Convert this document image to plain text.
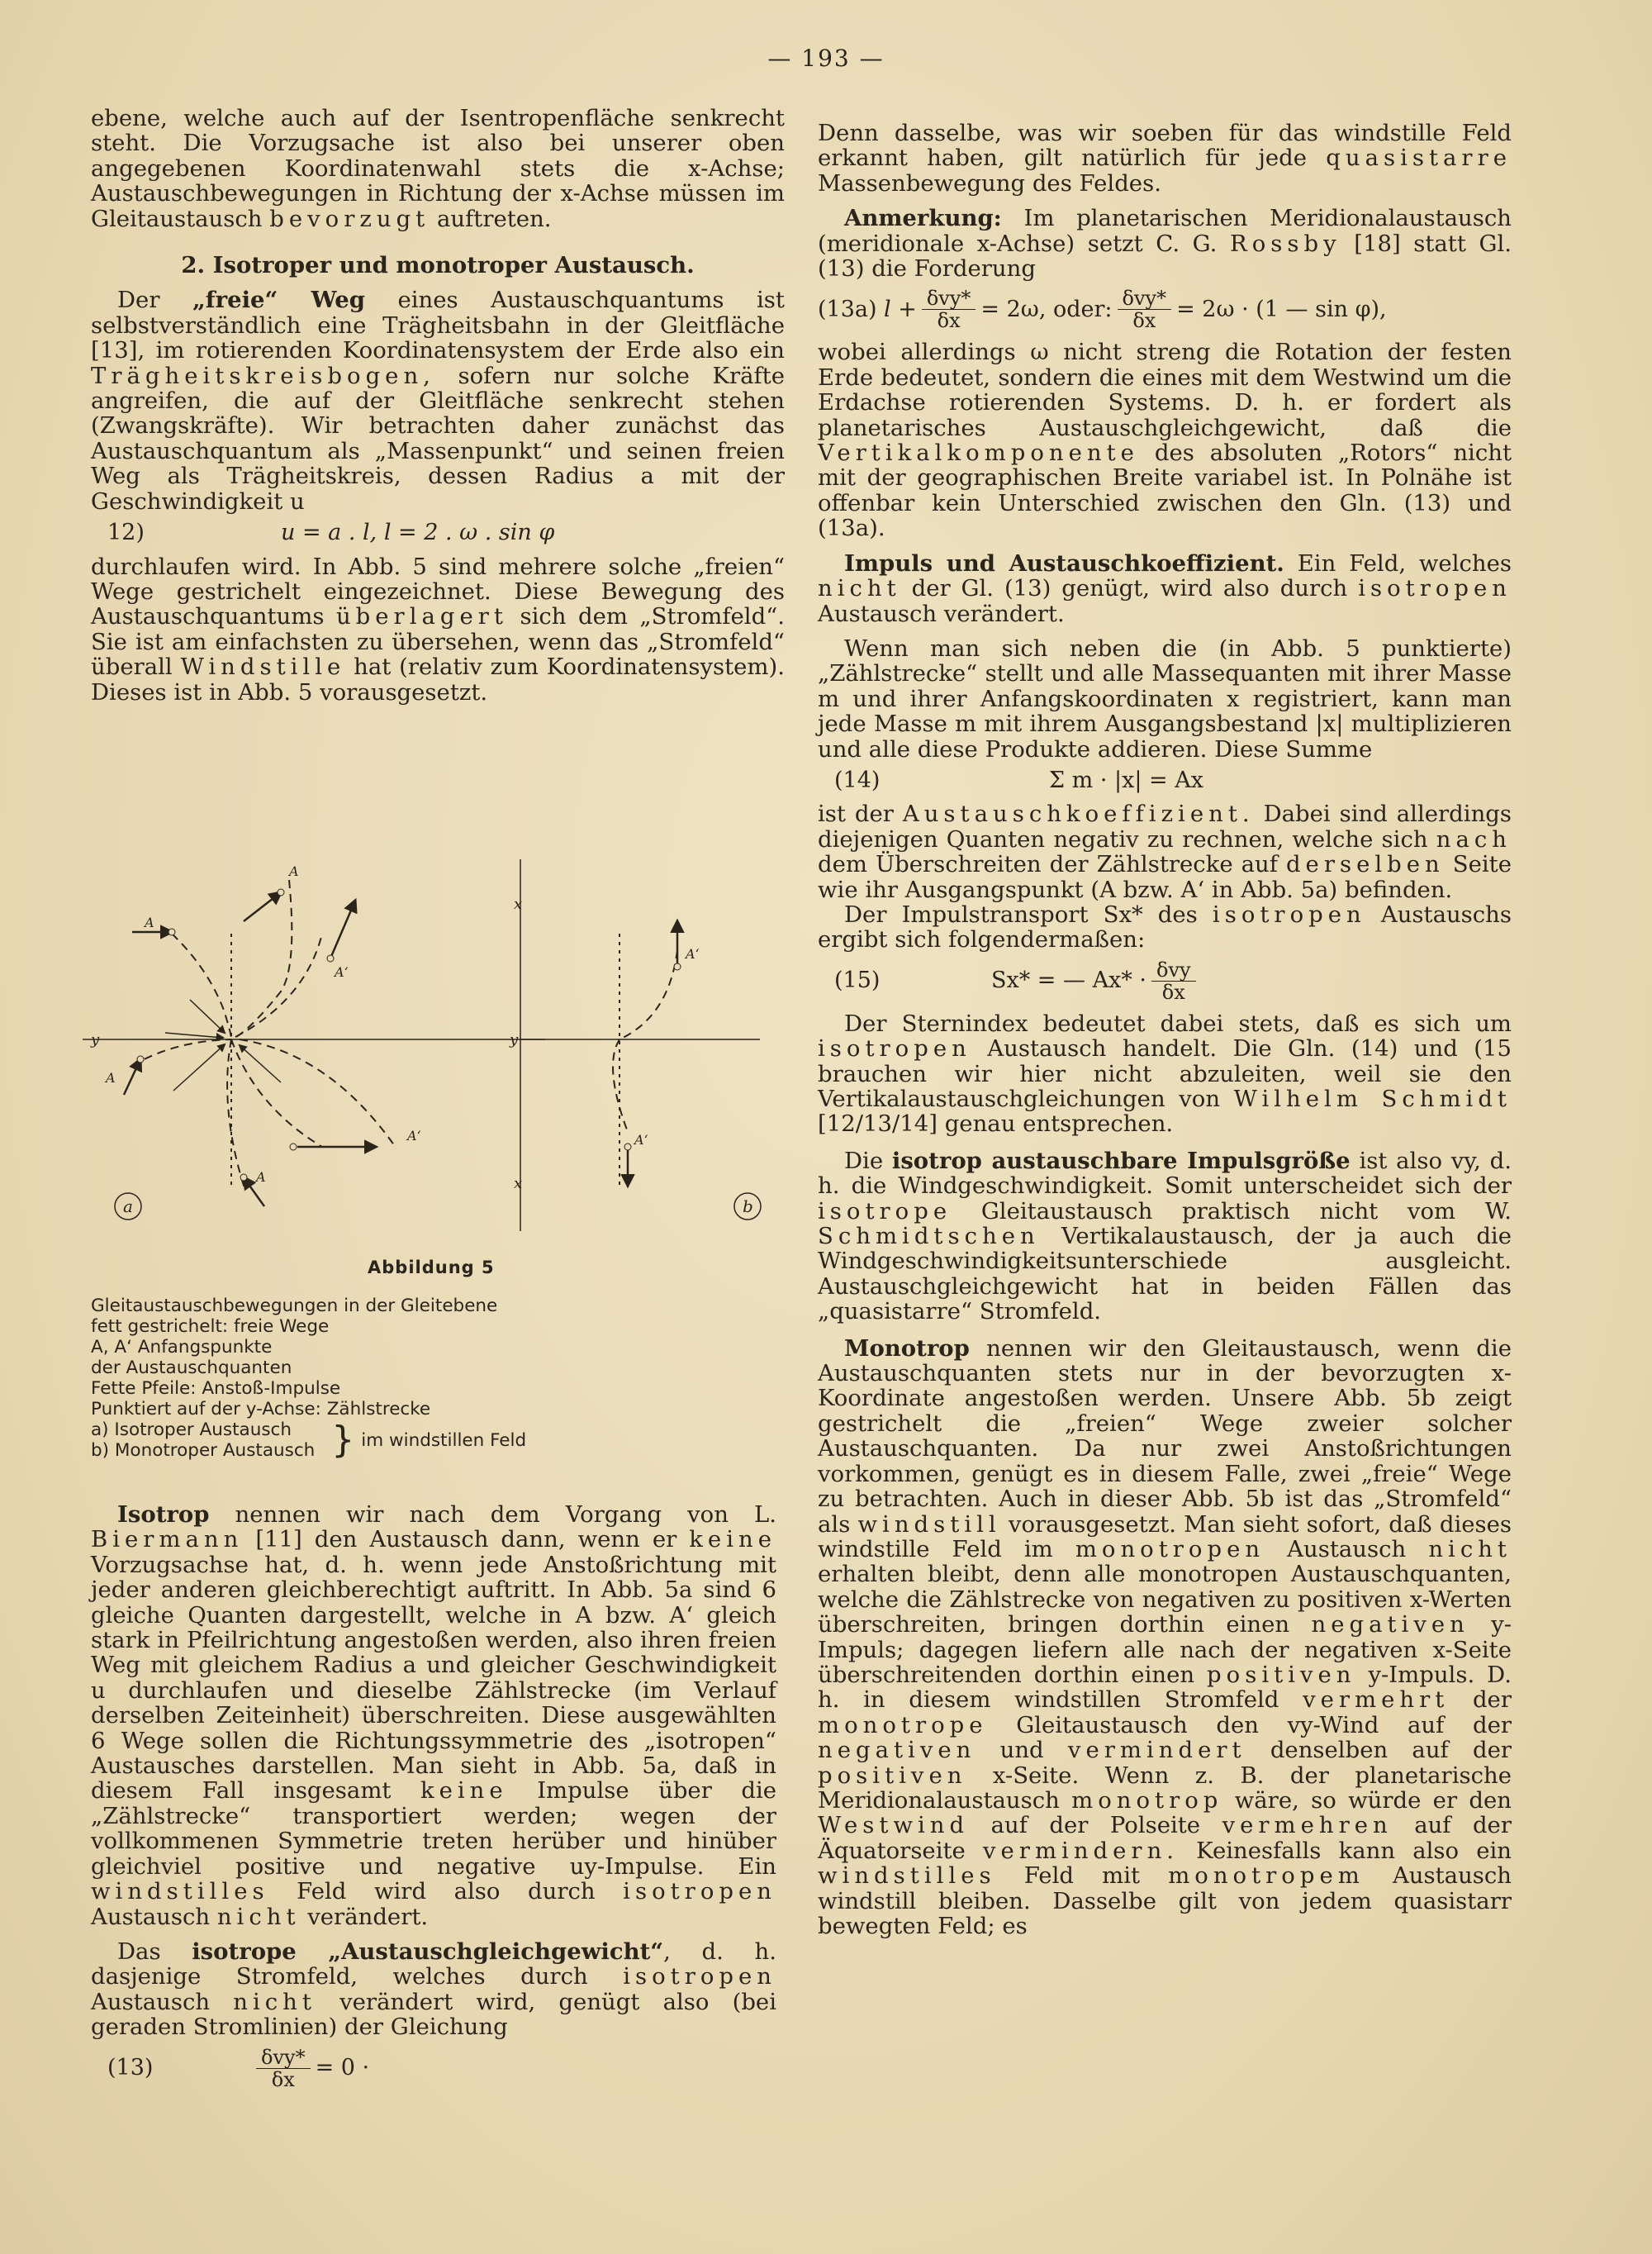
— 193 —

ebene, welche auch auf der Isentropenfläche senkrecht steht. Die Vorzugsache ist also bei unserer oben angegebenen Koordinatenwahl stets die x-Achse; Austauschbewegungen in Richtung der x-Achse müssen im Gleitaustausch bevorzugt auftreten.

2. Isotroper und monotroper Austausch.

Der „freie“ Weg eines Austauschquantums ist selbstverständlich eine Trägheitsbahn in der Gleitfläche [13], im rotierenden Koordinatensystem der Erde also ein Trägheitskreisbogen, sofern nur solche Kräfte angreifen, die auf der Gleitfläche senkrecht stehen (Zwangskräfte). Wir betrachten daher zunächst das Austauschquantum als „Massenpunkt“ und seinen freien Weg als Trägheitskreis, dessen Radius a mit der Geschwindigkeit u

12)	u = a . l, l = 2 . ω . sin φ

durchlaufen wird. In Abb. 5 sind mehrere solche „freien“ Wege gestrichelt eingezeichnet. Diese Bewegung des Austauschquantums überlagert sich dem „Stromfeld“. Sie ist am einfachsten zu übersehen, wenn das „Stromfeld“ überall Windstille hat (relativ zum Koordinatensystem). Dieses ist in Abb. 5 vorausgesetzt.

A
A
A
A‘
A‘
A
y	y
x
x
A‘
A‘
a	b
Abbildung 5
Gleitaustauschbewegungen in der Gleitebene
fett gestrichelt: freie Wege
A, A‘ Anfangspunkte
der Austauschquanten
Fette Pfeile: Anstoß-Impulse
Punktiert auf der y-Achse: Zählstrecke
a) Isotroper Austausch
b) Monotroper Austausch } im windstillen Feld

Isotrop nennen wir nach dem Vorgang von L. Biermann [11] den Austausch dann, wenn er keine Vorzugsachse hat, d. h. wenn jede Anstoßrichtung mit jeder anderen gleichberechtigt auftritt. In Abb. 5a sind 6 gleiche Quanten dargestellt, welche in A bzw. A‘ gleich stark in Pfeilrichtung angestoßen werden, also ihren freien Weg mit gleichem Radius a und gleicher Geschwindigkeit u durchlaufen und dieselbe Zählstrecke (im Verlauf derselben Zeiteinheit) überschreiten. Diese ausgewählten 6 Wege sollen die Richtungssymmetrie des „isotropen“ Austausches darstellen. Man sieht in Abb. 5a, daß in diesem Fall insgesamt keine Impulse über die „Zählstrecke“ transportiert werden; wegen der vollkommenen Symmetrie treten herüber und hinüber gleichviel positive und negative uy-Impulse. Ein windstilles Feld wird also durch isotropen Austausch nicht verändert.

Das isotrope „Austauschgleichgewicht“, d. h. dasjenige Stromfeld, welches durch isotropen Austausch nicht verändert wird, genügt also (bei geraden Stromlinien) der Gleichung

(13)	$\frac{\text{δvy*}}{\delta x} = 0$ ·

Denn dasselbe, was wir soeben für das windstille Feld erkannt haben, gilt natürlich für jede quasistarre Massenbewegung des Feldes.

Anmerkung: Im planetarischen Meridionalaustausch (meridionale x-Achse) setzt C. G. Rossby [18] statt Gl. (13) die Forderung

(13a) $l + \frac{\text{δvy*}}{\delta x} = 2\omega$, oder: $\frac{\text{δvy*}}{\delta x} = 2\omega \cdot (1$ — sin φ),

wobei allerdings ω nicht streng die Rotation der festen Erde bedeutet, sondern die eines mit dem Westwind um die Erdachse rotierenden Systems. D. h. er fordert als planetarisches Austauschgleichgewicht, daß die Vertikalkomponente des absoluten „Rotors“ nicht mit der geographischen Breite variabel ist. In Polnähe ist offenbar kein Unterschied zwischen den Gln. (13) und (13a).

Impuls und Austauschkoeffizient. Ein Feld, welches nicht der Gl. (13) genügt, wird also durch isotropen Austausch verändert.

Wenn man sich neben die (in Abb. 5 punktierte) „Zählstrecke“ stellt und alle Massequanten mit ihrer Masse m und ihrer Anfangskoordinaten x registriert, kann man jede Masse m mit ihrem Ausgangsbestand |x| multiplizieren und alle diese Produkte addieren. Diese Summe

(14)	Σ m · |x| = Ax

ist der Austauschkoeffizient. Dabei sind allerdings diejenigen Quanten negativ zu rechnen, welche sich nach dem Überschreiten der Zählstrecke auf derselben Seite wie ihr Ausgangspunkt (A bzw. A‘ in Abb. 5a) befinden.

Der Impulstransport Sx* des isotropen Austauschs ergibt sich folgendermaßen:

(15)	Sx* = — $Ax* \cdot \frac{\text{δvy}}{\delta x}$

Der Sternindex bedeutet dabei stets, daß es sich um isotropen Austausch handelt. Die Gln. (14) und (15 brauchen wir hier nicht abzuleiten, weil sie den Vertikalaustauschgleichungen von Wilhelm Schmidt [12/13/14] genau entsprechen.

Die isotrop austauschbare Impulsgröße ist also vy, d. h. die Windgeschwindigkeit. Somit unterscheidet sich der isotrope Gleitaustausch praktisch nicht vom W. Schmidtschen Vertikalaustausch, der ja auch die Windgeschwindigkeitsunterschiede ausgleicht. Austauschgleichgewicht hat in beiden Fällen das „quasistarre“ Stromfeld.

Monotrop nennen wir den Gleitaustausch, wenn die Austauschquanten stets nur in der bevorzugten x-Koordinate angestoßen werden. Unsere Abb. 5b zeigt gestrichelt die „freien“ Wege zweier solcher Austauschquanten. Da nur zwei Anstoßrichtungen vorkommen, genügt es in diesem Falle, zwei „freie“ Wege zu betrachten. Auch in dieser Abb. 5b ist das „Stromfeld“ als windstill vorausgesetzt. Man sieht sofort, daß dieses windstille Feld im monotropen Austausch nicht erhalten bleibt, denn alle monotropen Austauschquanten, welche die Zählstrecke von negativen zu positiven x-Werten überschreiten, bringen dorthin einen negativen y-Impuls; dagegen liefern alle nach der negativen x-Seite überschreitenden dorthin einen positiven y-Impuls. D. h. in diesem windstillen Stromfeld vermehrt der monotrope Gleitaustausch den vy-Wind auf der negativen und vermindert denselben auf der positiven x-Seite. Wenn z. B. der planetarische Meridionalaustausch monotrop wäre, so würde er den Westwind auf der Polseite vermehren auf der Äquatorseite vermindern. Keinesfalls kann also ein windstilles Feld mit monotropem Austausch windstill bleiben. Dasselbe gilt von jedem quasistarr bewegten Feld; es
